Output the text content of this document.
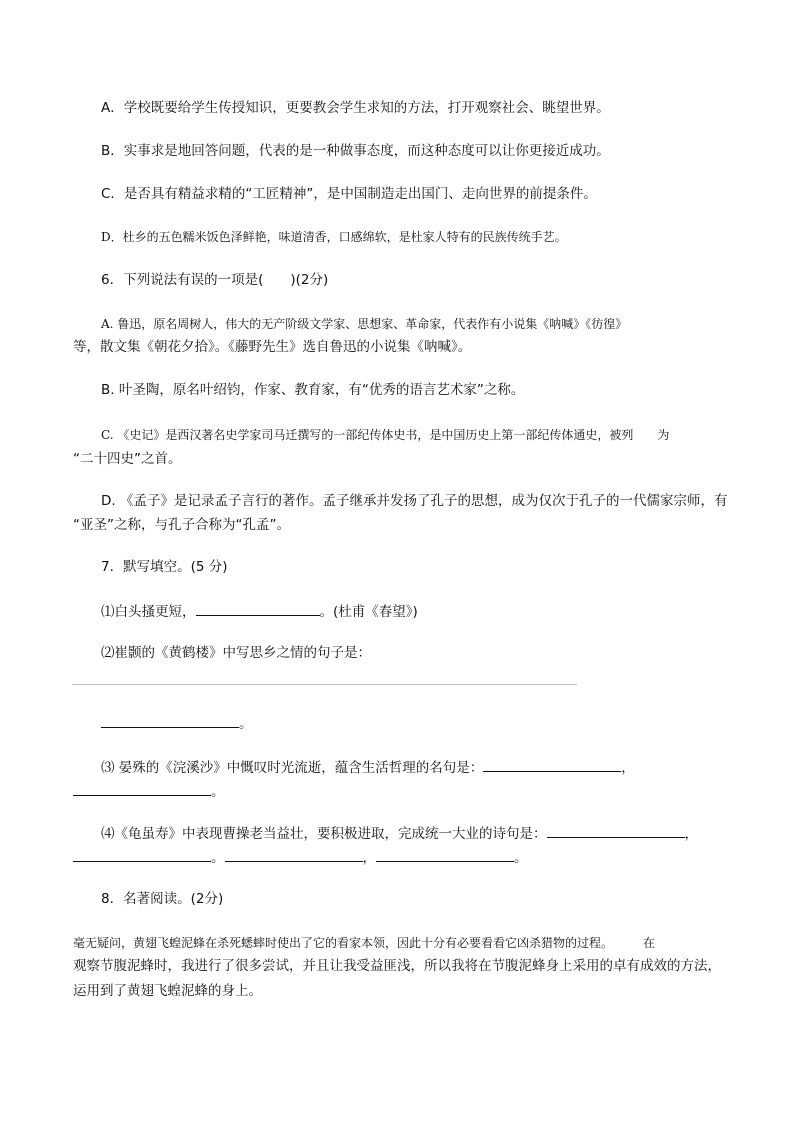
A．学校既要给学生传授知识，更要教会学生求知的方法，打开观察社会、眺望世界。
B．实事求是地回答问题，代表的是一种做事态度，而这种态度可以让你更接近成功。
C．是否具有精益求精的“工匠精神”，是中国制造走出国门、走向世界的前提条件。
D．杜乡的五色糯米饭色泽鲜艳，味道清香，口感绵软，是杜家人特有的民族传统手艺。
6．下列说法有误的一项是(　　)(2分)
A. 鲁迅，原名周树人，伟大的无产阶级文学家、思想家、革命家，代表作有小说集《呐喊》《彷徨》
等，散文集《朝花夕拾》。《藤野先生》选自鲁迅的小说集《呐喊》。
B. 叶圣陶，原名叶绍钧，作家、教育家，有“优秀的语言艺术家”之称。
C. 《史记》是西汉著名史学家司马迁撰写的一部纪传体史书，是中国历史上第一部纪传体通史，被列　　为
“二十四史”之首。
D. 《孟子》是记录孟子言行的著作。孟子继承并发扬了孔子的思想，成为仅次于孔子的一代儒家宗师，有
“亚圣”之称，与孔子合称为“孔孟”。
7．默写填空。(5 分)
⑴白头搔更短，	。(杜甫《春望》)
⑵崔颢的《黄鹤楼》中写思乡之情的句子是：
。
⑶ 晏殊的《浣溪沙》中慨叹时光流逝，蕴含生活哲理的名句是：	，
。
⑷《龟虽寿》中表现曹操老当益壮，要积极进取，完成统一大业的诗句是：	，
。	，	。
8．名著阅读。(2分)
毫无疑问，黄翅飞蝗泥蜂在杀死蟋蟀时使出了它的看家本领，因此十分有必要看看它凶杀猎物的过程。　　　在
观察节腹泥蜂时，我进行了很多尝试，并且让我受益匪浅，所以我将在节腹泥蜂身上采用的卓有成效的方法，
运用到了黄翅飞蝗泥蜂的身上。
